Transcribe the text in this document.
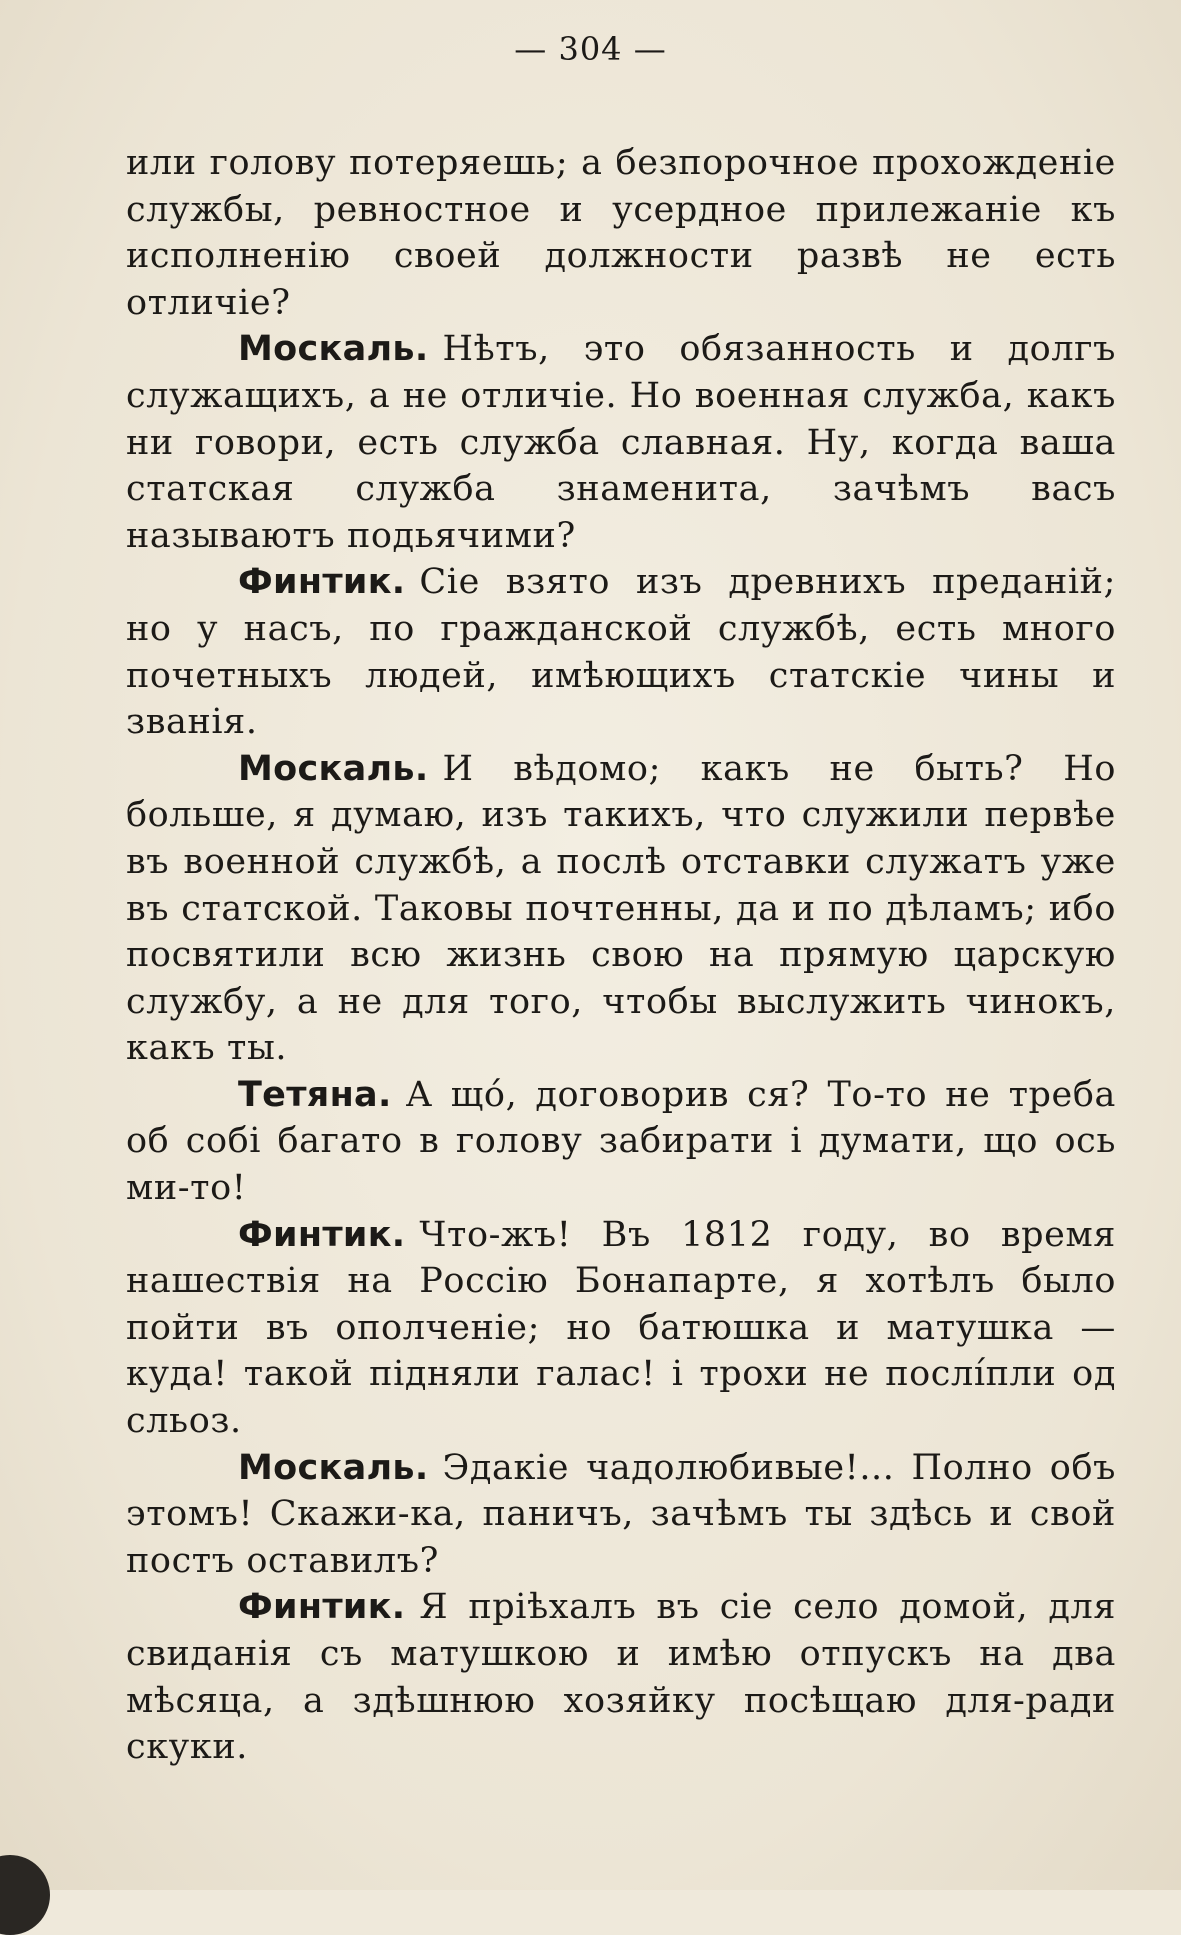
— 304 —

или голову потеряешь; а безпорочное прохожденіе службы, ревностное и усердное прилежаніе къ исполненію своей должности развѣ не есть отличіе?

Москаль. Нѣтъ, это обязанность и долгъ служащихъ, а не отличіе. Но военная служба, какъ ни говори, есть служба славная. Ну, когда ваша статская служба знаменита, зачѣмъ васъ называютъ подьячими?

Финтик. Сіе взято изъ древнихъ преданій; но у насъ, по гражданской службѣ, есть много почетныхъ людей, имѣющихъ статскіе чины и званія.

Москаль. И вѣдомо; какъ не быть? Но больше, я думаю, изъ такихъ, что служили первѣе въ военной службѣ, а послѣ отставки служатъ уже въ статской. Таковы почтенны, да и по дѣламъ; ибо посвятили всю жизнь свою на прямую царскую службу, а не для того, чтобы выслужить чинокъ, какъ ты.

Тетяна. А щó, договорив ся? То-то не треба об собі багато в голову забирати і думати, що ось ми-то!

Финтик. Что-жъ! Въ 1812 году, во время нашествія на Россію Бонапарте, я хотѣлъ было пойти въ ополченіе; но батюшка и матушка — куда! такой підняли галас! і трохи не послíпли од сльоз.

Москаль. Эдакіе чадолюбивые!... Полно объ этомъ! Скажи-ка, паничъ, зачѣмъ ты здѣсь и свой постъ оставилъ?

Финтик. Я пріѣхалъ въ сіе село домой, для свиданія съ матушкою и имѣю отпускъ на два мѣсяца, а здѣшнюю хозяйку посѣщаю для-ради скуки.
